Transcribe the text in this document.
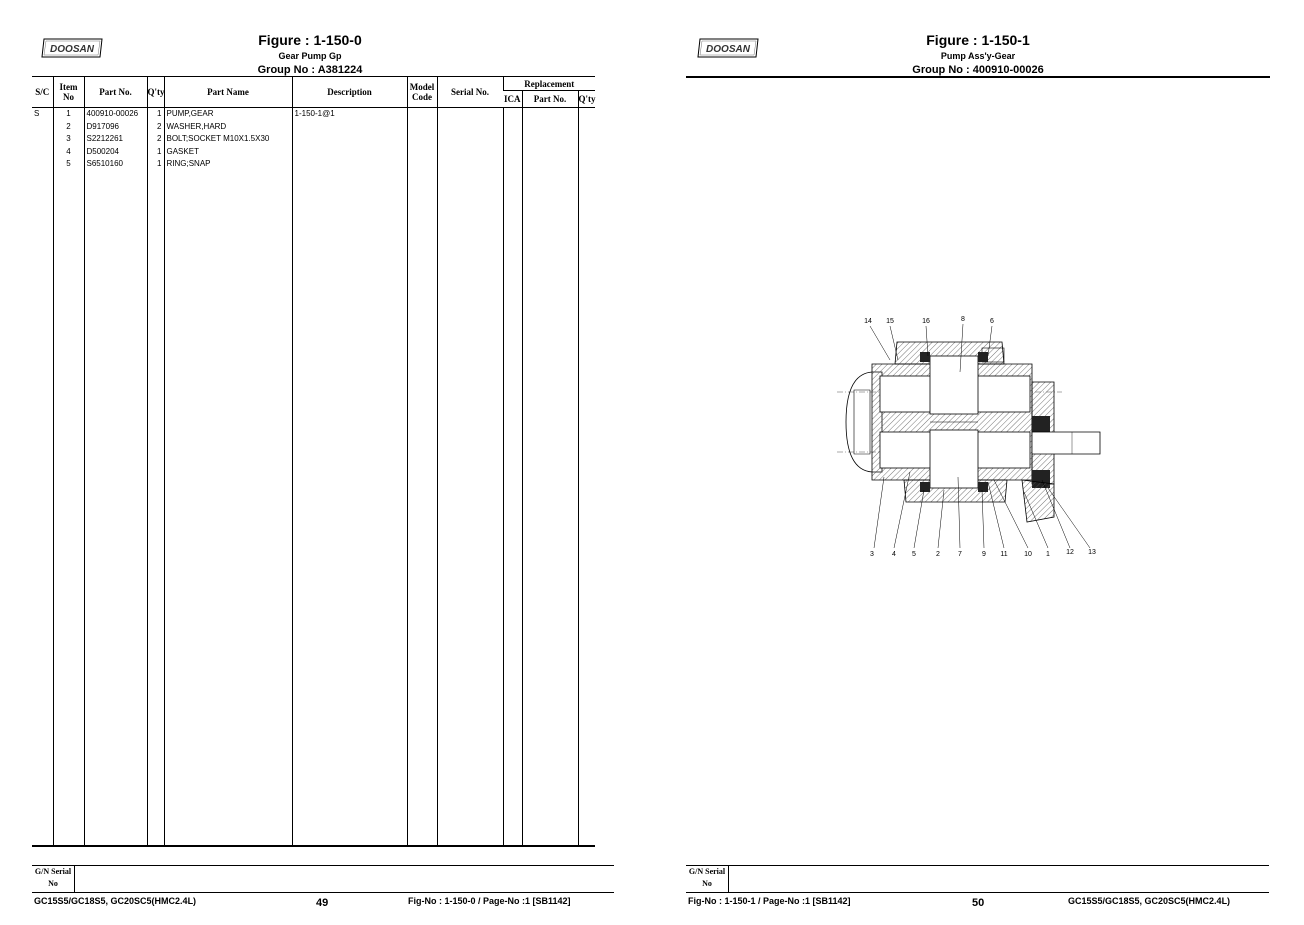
DOOSAN
Figure : 1-150-0
Gear Pump Gp
Group No : A381224
S/C	Item No	Part No.	Q'ty	Part Name	Description	Model Code	Serial No.	Replacement		
								ICA	Part No.	Q'ty
S	1	400910-00026	1	PUMP,GEAR	1-150-1@1					
	2	D917096	2	WASHER,HARD						
	3	S2212261	2	BOLT;SOCKET M10X1.5X30						
	4	D500204	1	GASKET						
	5	S6510160	1	RING;SNAP						

G/N Serial No
GC15S5/GC18S5, GC20SC5(HMC2.4L)	49	Fig-No : 1-150-0 / Page-No :1 [SB1142]
DOOSAN
Figure : 1-150-1
Pump Ass'y-Gear
Group No : 400910-00026
14 15	16	8	6
3	4 5	2	7	9 11 10 1 12 13
G/N Serial No
Fig-No : 1-150-1 / Page-No :1 [SB1142]	50	GC15S5/GC18S5, GC20SC5(HMC2.4L)
